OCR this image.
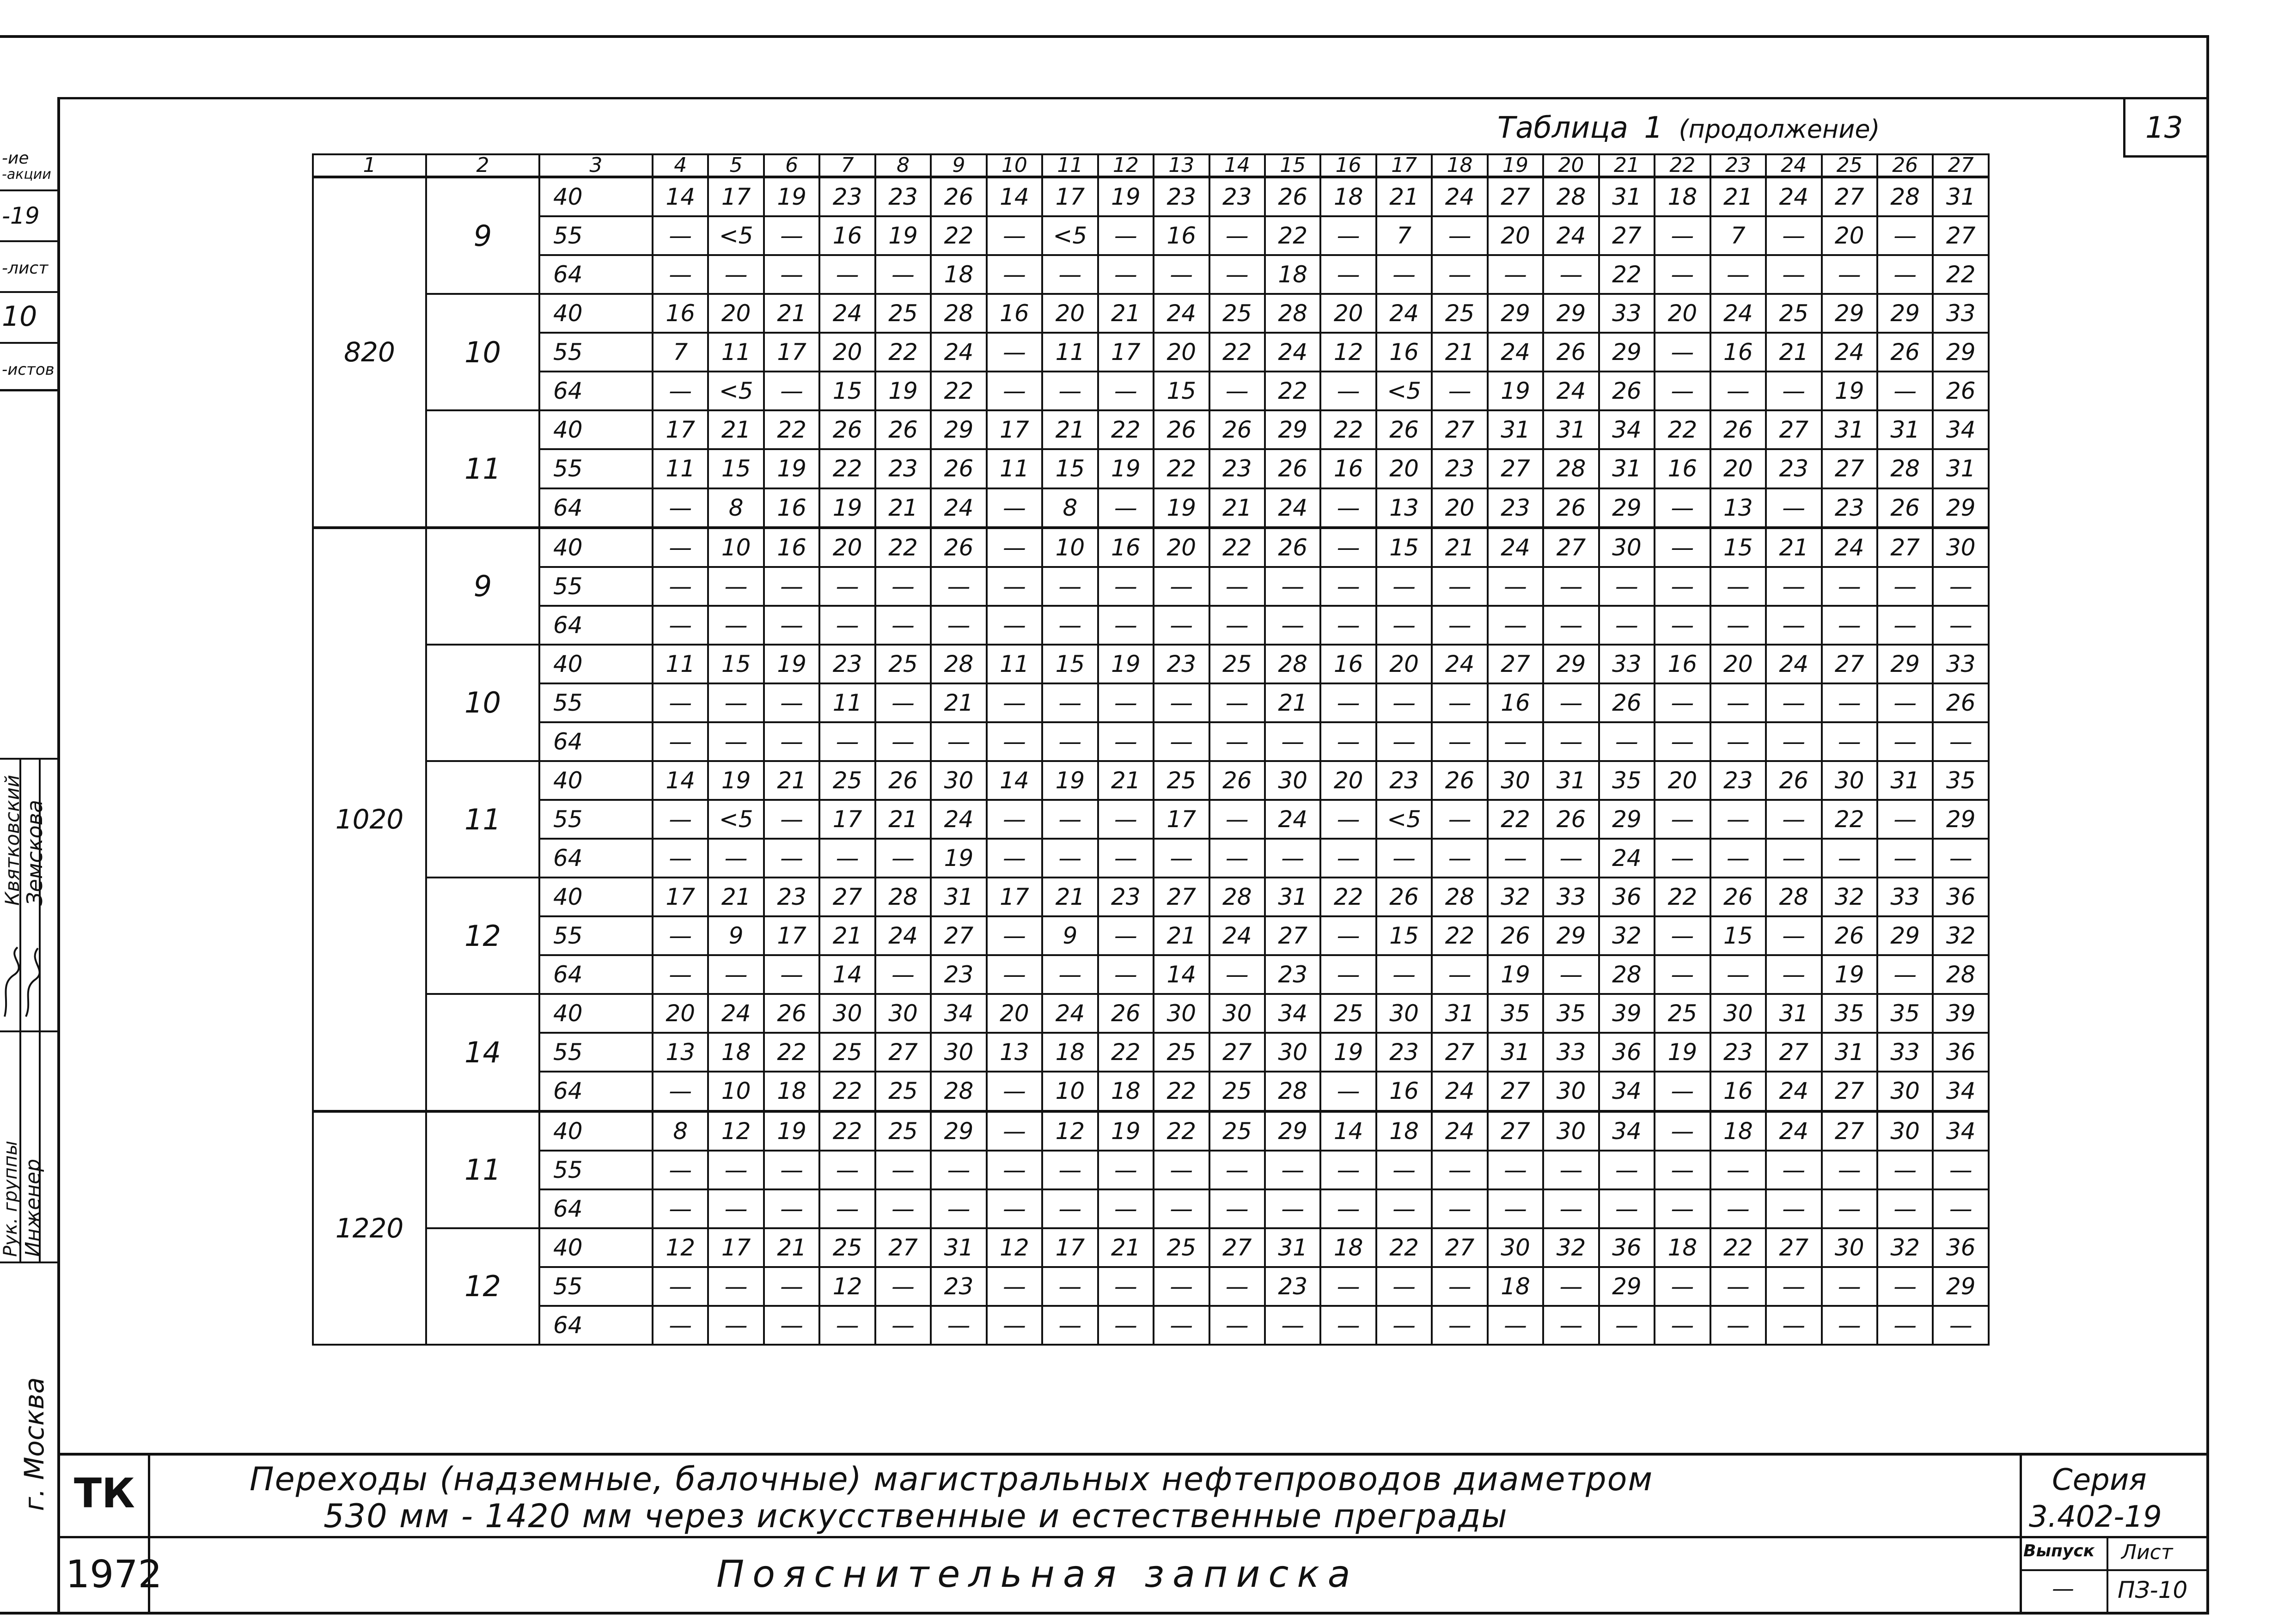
Таблица 1 (продолжение)	13
1	2	3	4	5	6	7	8	9	10	11	12	13	14	15	16	17	18	19	20	21	22	23	24	25	26	27
820	9	40	14	17	19	23	23	26	14	17	19	23	23	26	18	21	24	27	28	31	18	21	24	27	28	31
		55	—	<5	—	16	19	22	—	<5	—	16	—	22	—	7	—	20	24	27	—	7	—	20	—	27
		64	—	—	—	—	—	18	—	—	—	—	—	18	—	—	—	—	—	22	—	—	—	—	—	22
	10	40	16	20	21	24	25	28	16	20	21	24	25	28	20	24	25	29	29	33	20	24	25	29	29	33
		55	7	11	17	20	22	24	—	11	17	20	22	24	12	16	21	24	26	29	—	16	21	24	26	29
		64	—	<5	—	15	19	22	—	—	—	15	—	22	—	<5	—	19	24	26	—	—	—	19	—	26
	11	40	17	21	22	26	26	29	17	21	22	26	26	29	22	26	27	31	31	34	22	26	27	31	31	34
		55	11	15	19	22	23	26	11	15	19	22	23	26	16	20	23	27	28	31	16	20	23	27	28	31
		64	—	8	16	19	21	24	—	8	—	19	21	24	—	13	20	23	26	29	—	13	—	23	26	29
1020	9	40	—	10	16	20	22	26	—	10	16	20	22	26	—	15	21	24	27	30	—	15	21	24	27	30
		55	—	—	—	—	—	—	—	—	—	—	—	—	—	—	—	—	—	—	—	—	—	—	—	—
		64	—	—	—	—	—	—	—	—	—	—	—	—	—	—	—	—	—	—	—	—	—	—	—	—
	10	40	11	15	19	23	25	28	11	15	19	23	25	28	16	20	24	27	29	33	16	20	24	27	29	33
		55	—	—	—	11	—	21	—	—	—	—	—	21	—	—	—	16	—	26	—	—	—	—	—	26
		64	—	—	—	—	—	—	—	—	—	—	—	—	—	—	—	—	—	—	—	—	—	—	—	—
	11	40	14	19	21	25	26	30	14	19	21	25	26	30	20	23	26	30	31	35	20	23	26	30	31	35
		55	—	<5	—	17	21	24	—	—	—	17	—	24	—	<5	—	22	26	29	—	—	—	22	—	29
		64	—	—	—	—	—	19	—	—	—	—	—	—	—	—	—	—	—	24	—	—	—	—	—	—
	12	40	17	21	23	27	28	31	17	21	23	27	28	31	22	26	28	32	33	36	22	26	28	32	33	36
		55	—	9	17	21	24	27	—	9	—	21	24	27	—	15	22	26	29	32	—	15	—	26	29	32
		64	—	—	—	14	—	23	—	—	—	14	—	23	—	—	—	19	—	28	—	—	—	19	—	28
	14	40	20	24	26	30	30	34	20	24	26	30	30	34	25	30	31	35	35	39	25	30	31	35	35	39
		55	13	18	22	25	27	30	13	18	22	25	27	30	19	23	27	31	33	36	19	23	27	31	33	36
		64	—	10	18	22	25	28	—	10	18	22	25	28	—	16	24	27	30	34	—	16	24	27	30	34
1220	11	40	8	12	19	22	25	29	—	12	19	22	25	29	14	18	24	27	30	34	—	18	24	27	30	34
		55	—	—	—	—	—	—	—	—	—	—	—	—	—	—	—	—	—	—	—	—	—	—	—	—
		64	—	—	—	—	—	—	—	—	—	—	—	—	—	—	—	—	—	—	—	—	—	—	—	—
	12	40	12	17	21	25	27	31	12	17	21	25	27	31	18	22	27	30	32	36	18	22	27	30	32	36
		55	—	—	—	12	—	23	—	—	—	—	—	23	—	—	—	18	—	29	—	—	—	—	—	29
		64	—	—	—	—	—	—	—	—	—	—	—	—	—	—	—	—	—	—	—	—	—	—	—	—
-ие
-акции
-19
-лист
10
-истов
Рук. группы Инженер
Квятковский
Земскова
г. Москва ТК
1972
Переходы (надземные, балочные) магистральных нефтепроводов диаметром
530 мм - 1420 мм через искусственные и естественные преграды
Пояснительная записка
Серия
3.402-19
Выпуск
—
Лист
ПЗ-10
